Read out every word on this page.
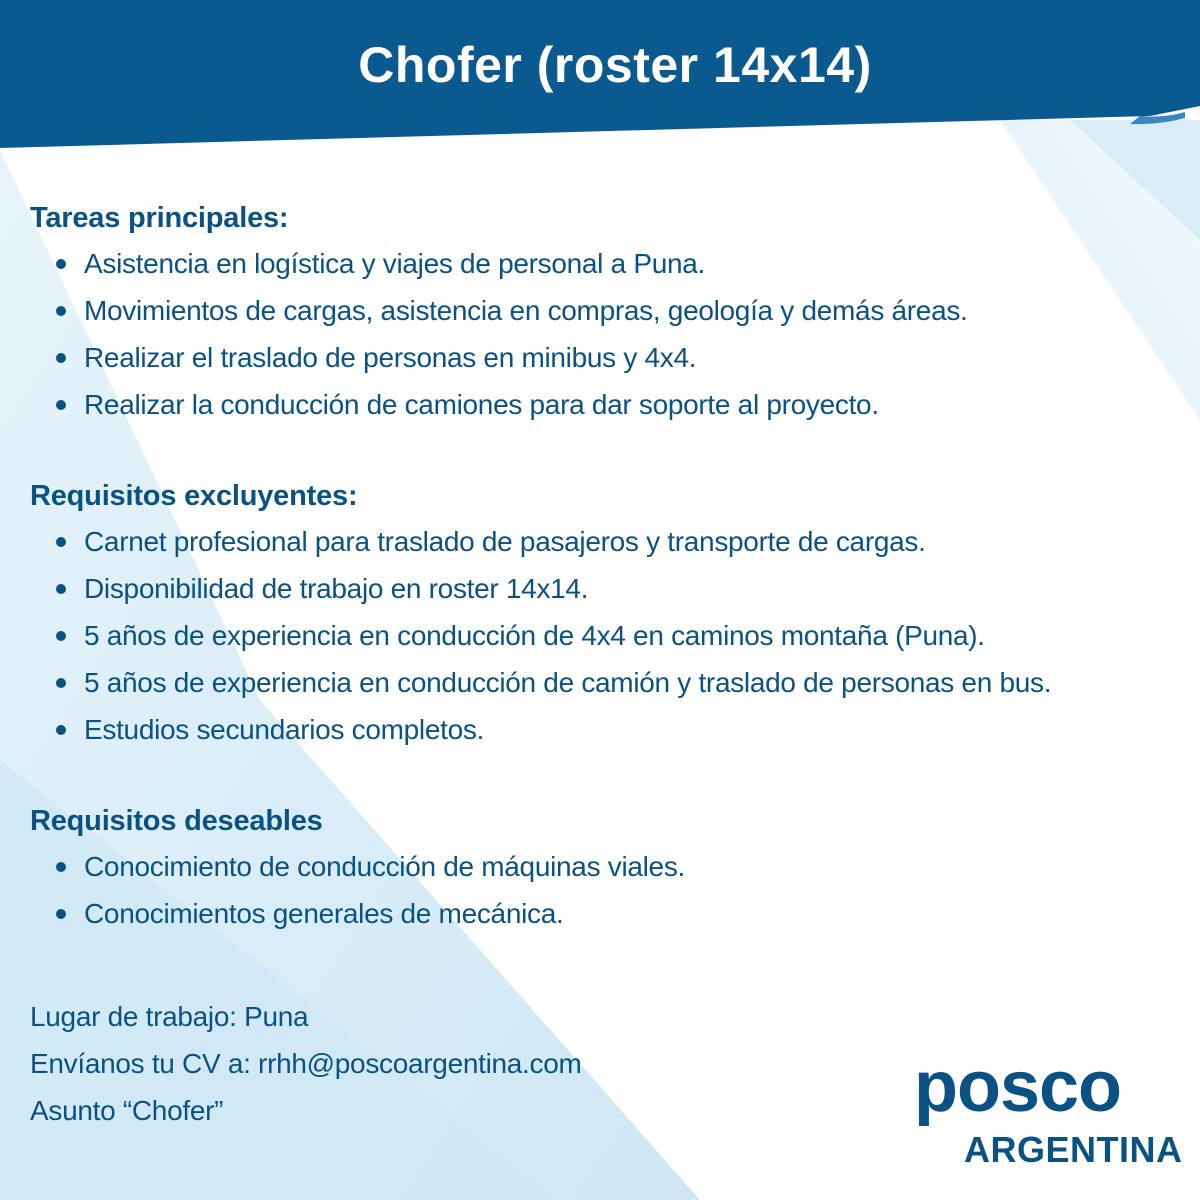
Chofer (roster 14x14)
Tareas principales:
Asistencia en logística y viajes de personal a Puna.
Movimientos de cargas, asistencia en compras, geología y demás áreas.
Realizar el traslado de personas en minibus y 4x4.
Realizar la conducción de camiones para dar soporte al proyecto.
Requisitos excluyentes:
Carnet profesional para traslado de pasajeros y transporte de cargas.
Disponibilidad de trabajo en roster 14x14.
5 años de experiencia en conducción de 4x4 en caminos montaña (Puna).
5 años de experiencia en conducción de camión y traslado de personas en bus.
Estudios secundarios completos.
Requisitos deseables
Conocimiento de conducción de máquinas viales.
Conocimientos generales de mecánica.
Lugar de trabajo: Puna
Envíanos tu CV a: rrhh@poscoargentina.com
Asunto “Chofer”	posco
ARGENTINA
